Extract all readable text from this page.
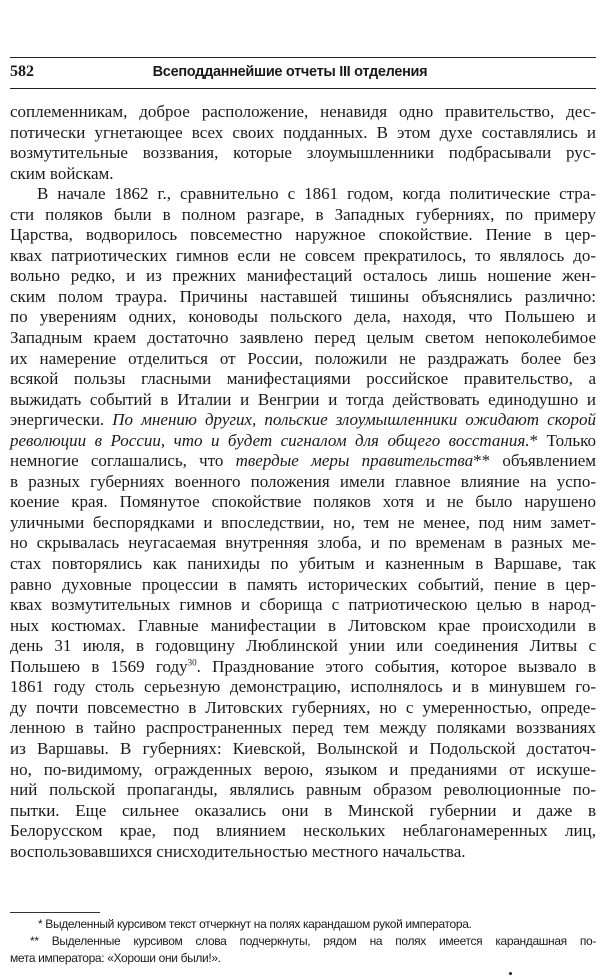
582	Всеподданнейшие отчеты III отделения
соплеменникам, доброе расположение, ненавидя одно правительство, дес-
потически угнетающее всех своих подданных. В этом духе составлялись и
возмутительные воззвания, которые злоумышленники подбрасывали рус-
ским войскам.
В начале 1862 г., сравнительно с 1861 годом, когда политические стра-
сти поляков были в полном разгаре, в Западных губерниях, по примеру
Царства, водворилось повсеместно наружное спокойствие. Пение в цер-
квах патриотических гимнов если не совсем прекратилось, то являлось до-
вольно редко, и из прежних манифестаций осталось лишь ношение жен-
ским полом траура. Причины наставшей тишины объяснялись различно:
по уверениям одних, коноводы польского дела, находя, что Польшею и
Западным краем достаточно заявлено перед целым светом непоколебимое
их намерение отделиться от России, положили не раздражать более без
всякой пользы гласными манифестациями российское правительство, а
выжидать событий в Италии и Венгрии и тогда действовать единодушно и
энергически. По мнению других, польские злоумышленники ожидают скорой
революции в России, что и будет сигналом для общего восстания.* Только
немногие соглашались, что твердые меры правительства** объявлением
в разных губерниях военного положения имели главное влияние на успо-
коение края. Помянутое спокойствие поляков хотя и не было нарушено
уличными беспорядками и впоследствии, но, тем не менее, под ним замет-
но скрывалась неугасаемая внутренняя злоба, и по временам в разных ме-
стах повторялись как панихиды по убитым и казненным в Варшаве, так
равно духовные процессии в память исторических событий, пение в цер-
квах возмутительных гимнов и сборища с патриотическою целью в народ-
ных костюмах. Главные манифестации в Литовском крае происходили в
день 31 июля, в годовщину Люблинской унии или соединения Литвы с
Польшею в 1569 году$^{30}$. Празднование этого события, которое вызвало в
1861 году столь серьезную демонстрацию, исполнялось и в минувшем го-
ду почти повсеместно в Литовских губерниях, но с умеренностью, опреде-
ленною в тайно распространенных перед тем между поляками воззваниях
из Варшавы. В губерниях: Киевской, Волынской и Подольской достаточ-
но, по-видимому, огражденных верою, языком и преданиями от искуше-
ний польской пропаганды, являлись равным образом революционные по-
пытки. Еще сильнее оказались они в Минской губернии и даже в
Белорусском крае, под влиянием нескольких неблагонамеренных лиц,
воспользовавшихся снисходительностью местного начальства.
* Выделенный курсивом текст отчеркнут на полях карандашом рукой императора.
** Выделенные курсивом слова подчеркнуты, рядом на полях имеется карандашная по-
мета императора: «Хороши они были!».
